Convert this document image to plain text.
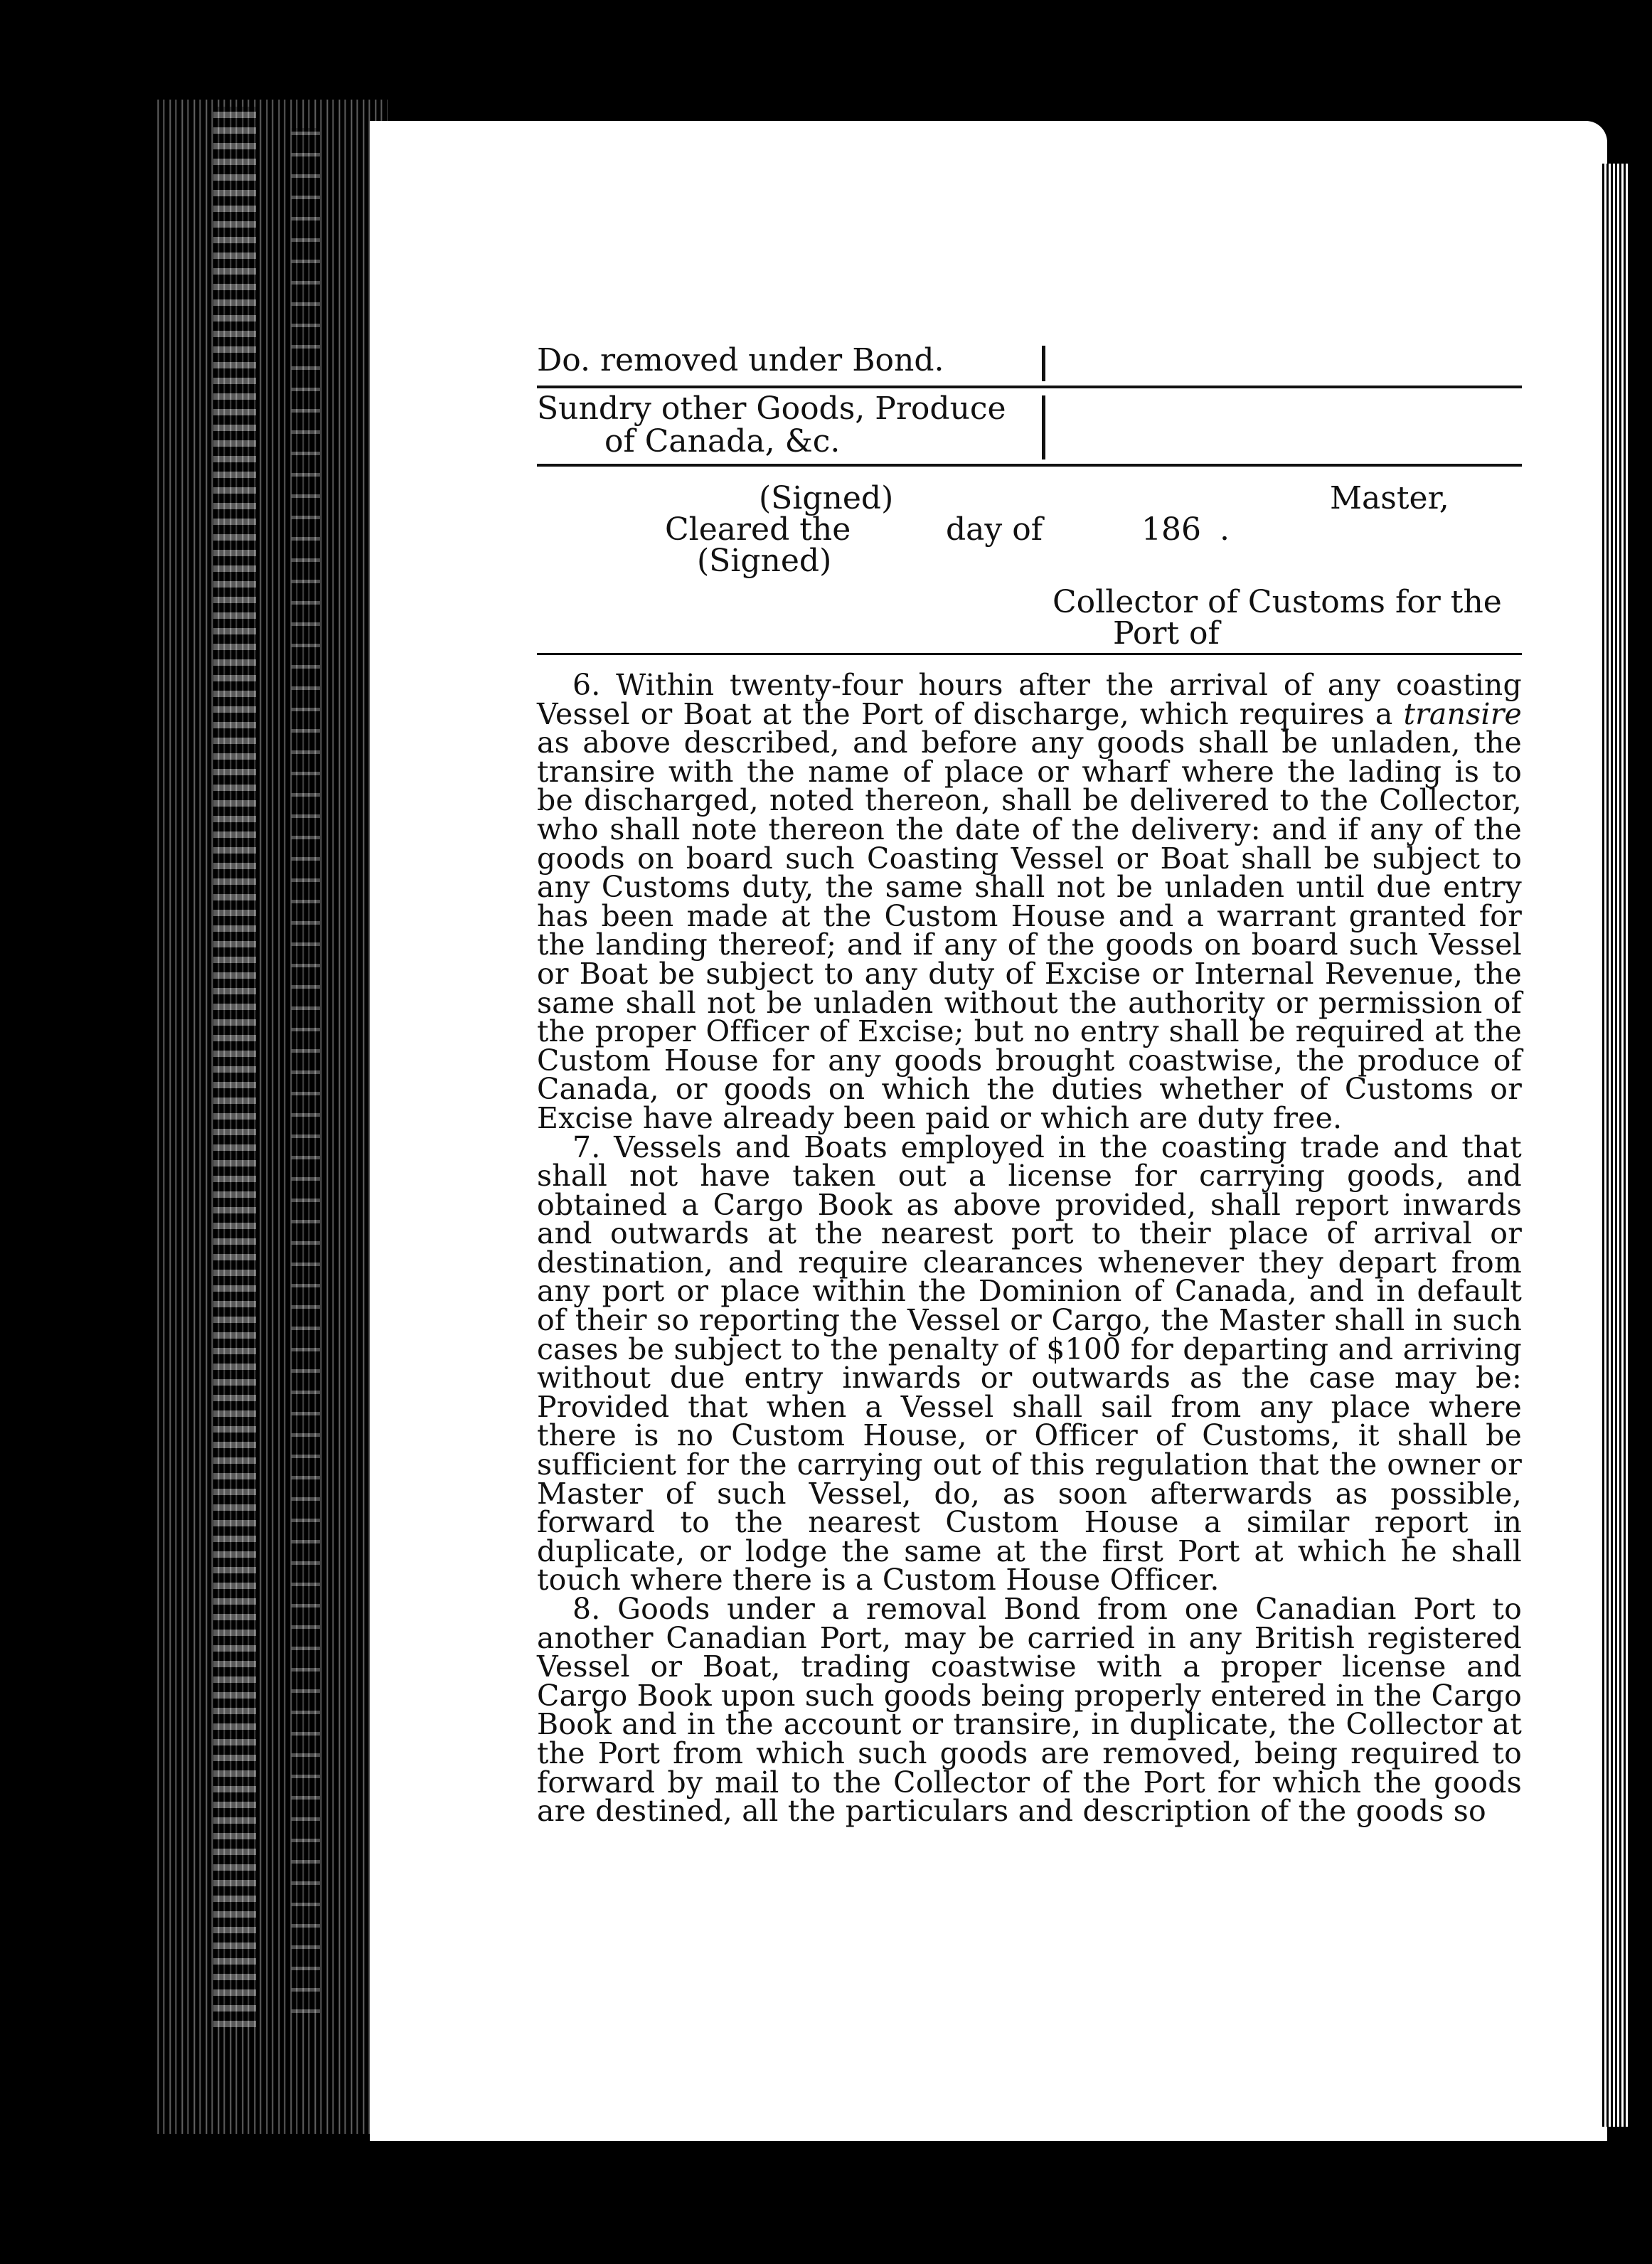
Do. removed under Bond.
Sundry other Goods, Produce
of Canada, &c.
(Signed)	Master,
Cleared the	day of	186 .
(Signed)
Collector of Customs for the
Port of

6. Within twenty-four hours after the arrival of any coasting Vessel or Boat at the Port of discharge, which requires a transire as above described, and before any goods shall be unladen, the transire with the name of place or wharf where the lading is to be discharged, noted thereon, shall be delivered to the Collector, who shall note thereon the date of the delivery: and if any of the goods on board such Coasting Vessel or Boat shall be subject to any Customs duty, the same shall not be unladen until due entry has been made at the Custom House and a warrant granted for the landing thereof; and if any of the goods on board such Vessel or Boat be subject to any duty of Excise or Internal Revenue, the same shall not be unladen without the authority or permission of the proper Officer of Excise; but no entry shall be required at the Custom House for any goods brought coastwise, the produce of Canada, or goods on which the duties whether of Customs or Excise have already been paid or which are duty free.

7. Vessels and Boats employed in the coasting trade and that shall not have taken out a license for carrying goods, and obtained a Cargo Book as above provided, shall report inwards and outwards at the nearest port to their place of arrival or destination, and require clearances whenever they depart from any port or place within the Dominion of Canada, and in default of their so reporting the Vessel or Cargo, the Master shall in such cases be subject to the penalty of $100 for departing and arriving without due entry inwards or outwards as the case may be: Provided that when a Vessel shall sail from any place where there is no Custom House, or Officer of Customs, it shall be sufficient for the carrying out of this regulation that the owner or Master of such Vessel, do, as soon afterwards as possible, forward to the nearest Custom House a similar report in duplicate, or lodge the same at the first Port at which he shall touch where there is a Custom House Officer.

8. Goods under a removal Bond from one Canadian Port to another Canadian Port, may be carried in any British registered Vessel or Boat, trading coastwise with a proper license and Cargo Book upon such goods being properly entered in the Cargo Book and in the account or transire, in duplicate, the Collector at the Port from which such goods are removed, being required to forward by mail to the Collector of the Port for which the goods are destined, all the particulars and description of the goods so
